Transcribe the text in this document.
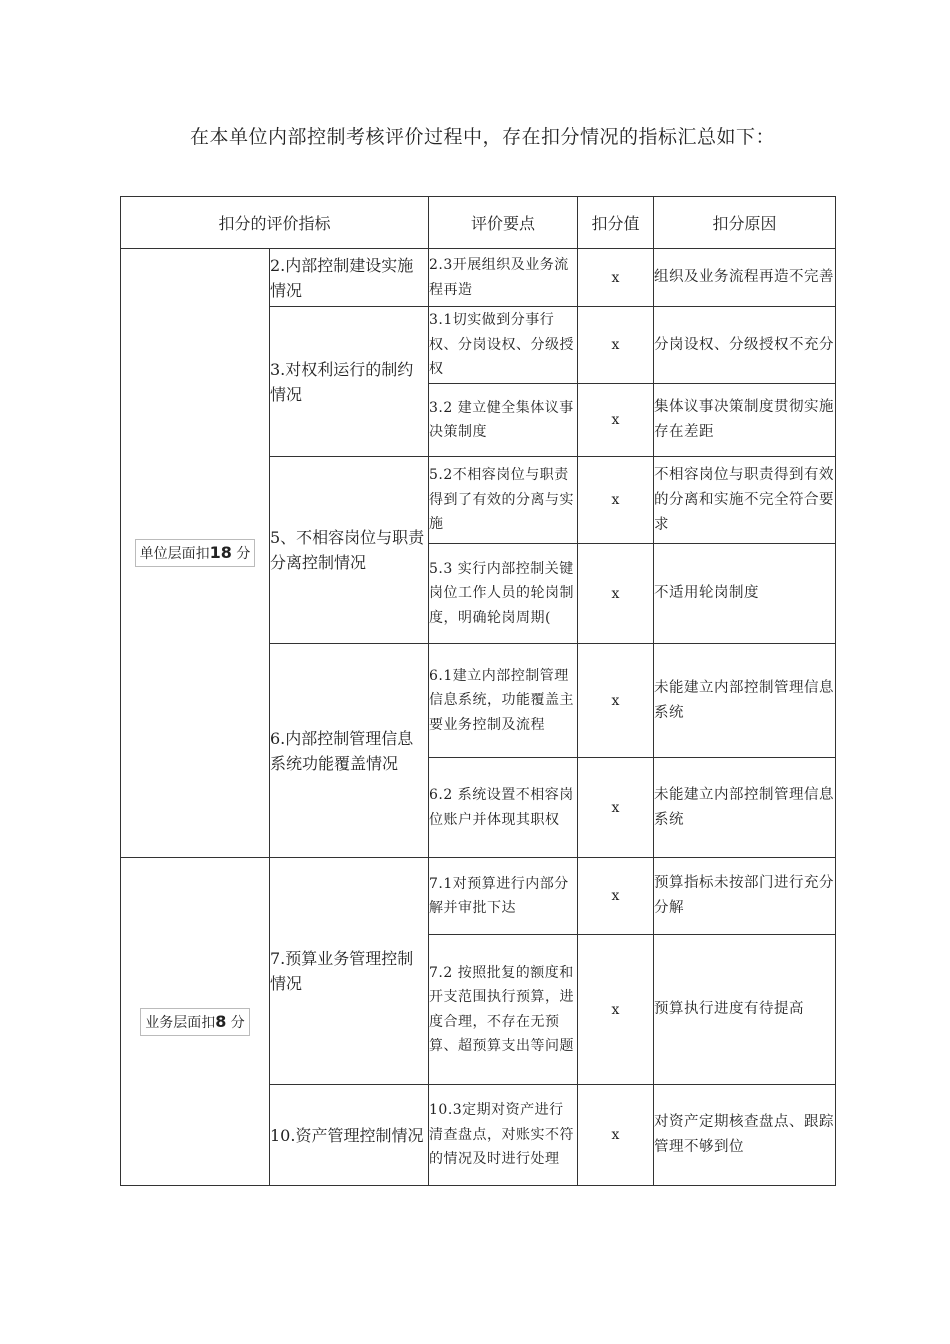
在本单位内部控制考核评价过程中，存在扣分情况的指标汇总如下：
扣分的评价指标		评价要点	扣分值	扣分原因
单位层面扣18 分	2.内部控制建设实施情况	2.3开展组织及业务流程再造	x	组织及业务流程再造不完善
	3.对权利运行的制约情况	3.1切实做到分事行权、分岗设权、分级授权	x	分岗设权、分级授权不充分
		3.2 建立健全集体议事决策制度	x	集体议事决策制度贯彻实施存在差距
	5、不相容岗位与职责分离控制情况	5.2不相容岗位与职责得到了有效的分离与实施	x	不相容岗位与职责得到有效的分离和实施不完全符合要求
		5.3 实行内部控制关键岗位工作人员的轮岗制度，明确轮岗周期(	x	不适用轮岗制度
	6.内部控制管理信息系统功能覆盖情况	6.1建立内部控制管理信息系统，功能覆盖主要业务控制及流程	x	未能建立内部控制管理信息系统
		6.2 系统设置不相容岗位账户并体现其职权	x	未能建立内部控制管理信息系统
业务层面扣8 分	7.预算业务管理控制情况	7.1对预算进行内部分解并审批下达	x	预算指标未按部门进行充分分解
		7.2 按照批复的额度和开支范围执行预算，进度合理，不存在无预算、超预算支出等问题	x	预算执行进度有待提高
	10.资产管理控制情况	10.3定期对资产进行清查盘点，对账实不符的情况及时进行处理	x	对资产定期核查盘点、跟踪管理不够到位
